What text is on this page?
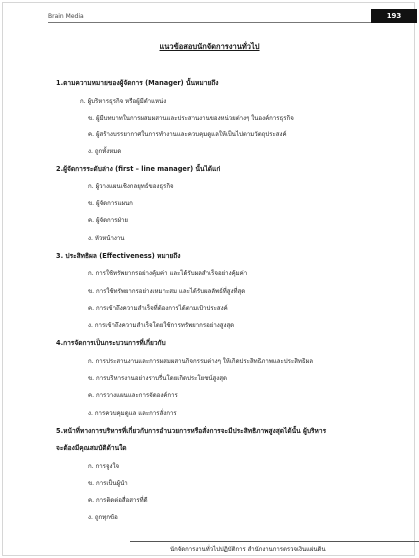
Brain Media	193
แนวข้อสอบนักจัดการงานทั่วไป
1.ตามความหมายของผู้จัดการ (Manager) นั้นหมายถึง
ก. ผู้บริหารธุรกิจ หรือผู้มีตำแหน่ง
ข. ผู้มีบทบาทในการผสมผสานและประสานงานของหน่วยต่างๆ ในองค์การธุรกิจ
ค. ผู้สร้างบรรยากาศในการทำงานและควบคุมดูแลให้เป็นไปตามวัตถุประสงค์
ง. ถูกทั้งหมด
2.ผู้จัดการระดับล่าง (first – line manager) นั้นได้แก่
ก. ผู้วางแผนเชิงกลยุทธ์ของธุรกิจ
ข. ผู้จัดการแผนก
ค. ผู้จัดการฝ่าย
ง. หัวหน้างาน
3. ประสิทธิผล (Effectiveness) หมายถึง
ก. การใช้ทรัพยากรอย่างคุ้มค่า และได้รับผลสำเร็จอย่างคุ้มค่า
ข. การใช้ทรัพยากรอย่างเหมาะสม และได้รับผลลัพธ์ที่สูงที่สุด
ค. การเข้าถึงความสำเร็จที่ต้องการได้ตามเป้าประสงค์
ง. การเข้าถึงความสำเร็จโดยใช้การทรัพยากรอย่างสูงสุด
4.การจัดการเป็นกระบวนการที่เกี่ยวกับ
ก. การประสานงานและการผสมผสานกิจกรรมต่างๆ ให้เกิดประสิทธิภาพและประสิทธิผล
ข. การบริหารงานอย่างราบรื่นโดยเกิดประโยชน์สูงสุด
ค. การวางแผนและการจัดองค์การ
ง. การควบคุมดูแล และการสั่งการ
5.หน้าที่ทางการบริหารที่เกี่ยวกับการอำนวยการหรือสั่งการจะมีประสิทธิภาพสูงสุดได้นั้น ผู้บริหาร
จะต้องมีคุณสมบัติด้านใด
ก. การจูงใจ
ข. การเป็นผู้นำ
ค. การติดต่อสื่อสารที่ดี
ง. ถูกทุกข้อ
นักจัดการงานทั่วไปปฏิบัติการ สำนักงานการตรวจเงินแผ่นดิน
